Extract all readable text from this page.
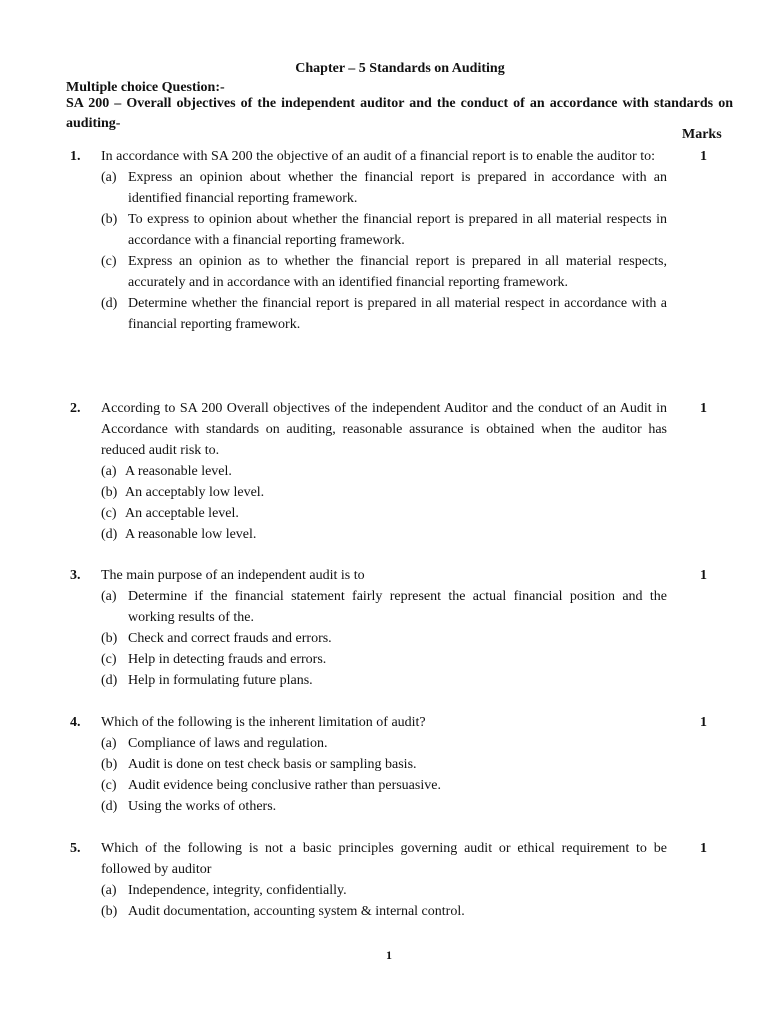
Chapter – 5 Standards on Auditing
Multiple choice Question:-
SA 200 – Overall objectives of the independent auditor and the conduct of an accordance with standards on auditing-
Marks
1.	1

In accordance with SA 200 the objective of an audit of a financial report is to enable the auditor to:

(a) Express an opinion about whether the financial report is prepared in accordance with an identified financial reporting framework.
(b) To express to opinion about whether the financial report is prepared in all material respects in accordance with a financial reporting framework.
(c) Express an opinion as to whether the financial report is prepared in all material respects, accurately and in accordance with an identified financial reporting framework.
(d) Determine whether the financial report is prepared in all material respect in accordance with a financial reporting framework.
2.	1

According to SA 200 Overall objectives of the independent Auditor and the conduct of an Audit in Accordance with standards on auditing, reasonable assurance is obtained when the auditor has reduced audit risk to.

(a) A reasonable level.
(b) An acceptably low level.
(c) An acceptable level.
(d) A reasonable low level.
3.	1

The main purpose of an independent audit is to

(a) Determine if the financial statement fairly represent the actual financial position and the working results of the.
(b) Check and correct frauds and errors.
(c) Help in detecting frauds and errors.
(d) Help in formulating future plans.
4.	1

Which of the following is the inherent limitation of audit?

(a) Compliance of laws and regulation.
(b) Audit is done on test check basis or sampling basis.
(c) Audit evidence being conclusive rather than persuasive.
(d) Using the works of others.
5.	1

Which of the following is not a basic principles governing audit or ethical requirement to be followed by auditor

(a) Independence, integrity, confidentially.
(b) Audit documentation, accounting system & internal control.
1
